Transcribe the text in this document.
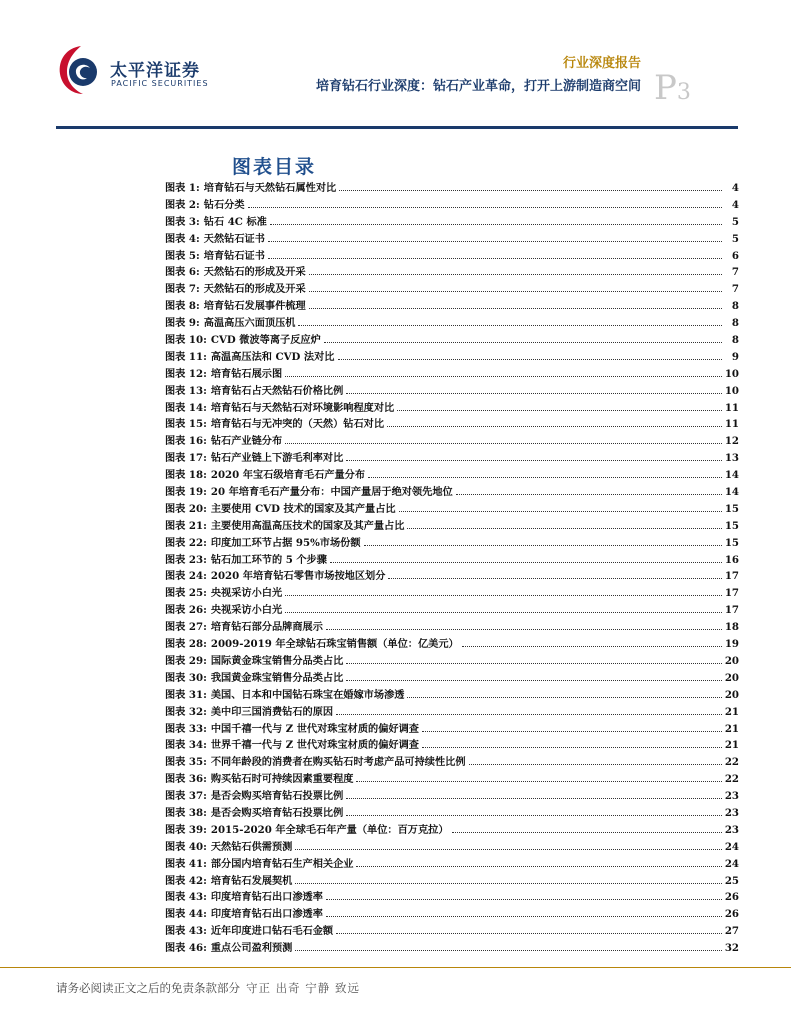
太平洋证券
PACIFIC SECURITIES
行业深度报告
培育钻石行业深度：钻石产业革命，打开上游制造商空间 P3
图表目录
图表 1: 培育钻石与天然钻石属性对比	4
图表 2: 钻石分类	4
图表 3: 钻石 4C 标准	5
图表 4: 天然钻石证书	5
图表 5: 培育钻石证书	6
图表 6: 天然钻石的形成及开采	7
图表 7: 天然钻石的形成及开采	7
图表 8: 培育钻石发展事件梳理	8
图表 9: 高温高压六面顶压机	8
图表 10: CVD 微波等离子反应炉	8
图表 11: 高温高压法和 CVD 法对比	9
图表 12: 培育钻石展示图	10
图表 13: 培育钻石占天然钻石价格比例	10
图表 14: 培育钻石与天然钻石对环境影响程度对比	11
图表 15: 培育钻石与无冲突的（天然）钻石对比	11
图表 16: 钻石产业链分布	12
图表 17: 钻石产业链上下游毛利率对比	13
图表 18: 2020 年宝石级培育毛石产量分布	14
图表 19: 20 年培育毛石产量分布：中国产量居于绝对领先地位	14
图表 20: 主要使用 CVD 技术的国家及其产量占比	15
图表 21: 主要使用高温高压技术的国家及其产量占比	15
图表 22: 印度加工环节占据 95%市场份额	15
图表 23: 钻石加工环节的 5 个步骤	16
图表 24: 2020 年培育钻石零售市场按地区划分	17
图表 25: 央视采访小白光	17
图表 26: 央视采访小白光	17
图表 27: 培育钻石部分品牌商展示	18
图表 28: 2009-2019 年全球钻石珠宝销售额（单位：亿美元）	19
图表 29: 国际黄金珠宝销售分品类占比	20
图表 30: 我国黄金珠宝销售分品类占比	20
图表 31: 美国、日本和中国钻石珠宝在婚嫁市场渗透	20
图表 32: 美中印三国消费钻石的原因	21
图表 33: 中国千禧一代与 Z 世代对珠宝材质的偏好调查	21
图表 34: 世界千禧一代与 Z 世代对珠宝材质的偏好调查	21
图表 35: 不同年龄段的消费者在购买钻石时考虑产品可持续性比例	22
图表 36: 购买钻石时可持续因素重要程度	22
图表 37: 是否会购买培育钻石投票比例	23
图表 38: 是否会购买培育钻石投票比例	23
图表 39: 2015-2020 年全球毛石年产量（单位：百万克拉）	23
图表 40: 天然钻石供需预测	24
图表 41: 部分国内培育钻石生产相关企业	24
图表 42: 培育钻石发展契机	25
图表 43: 印度培育钻石出口渗透率	26
图表 44: 印度培育钻石出口渗透率	26
图表 43: 近年印度进口钻石毛石金额	27
图表 46: 重点公司盈利预测	32
请务必阅读正文之后的免责条款部分 守正 出奇 宁静 致远
